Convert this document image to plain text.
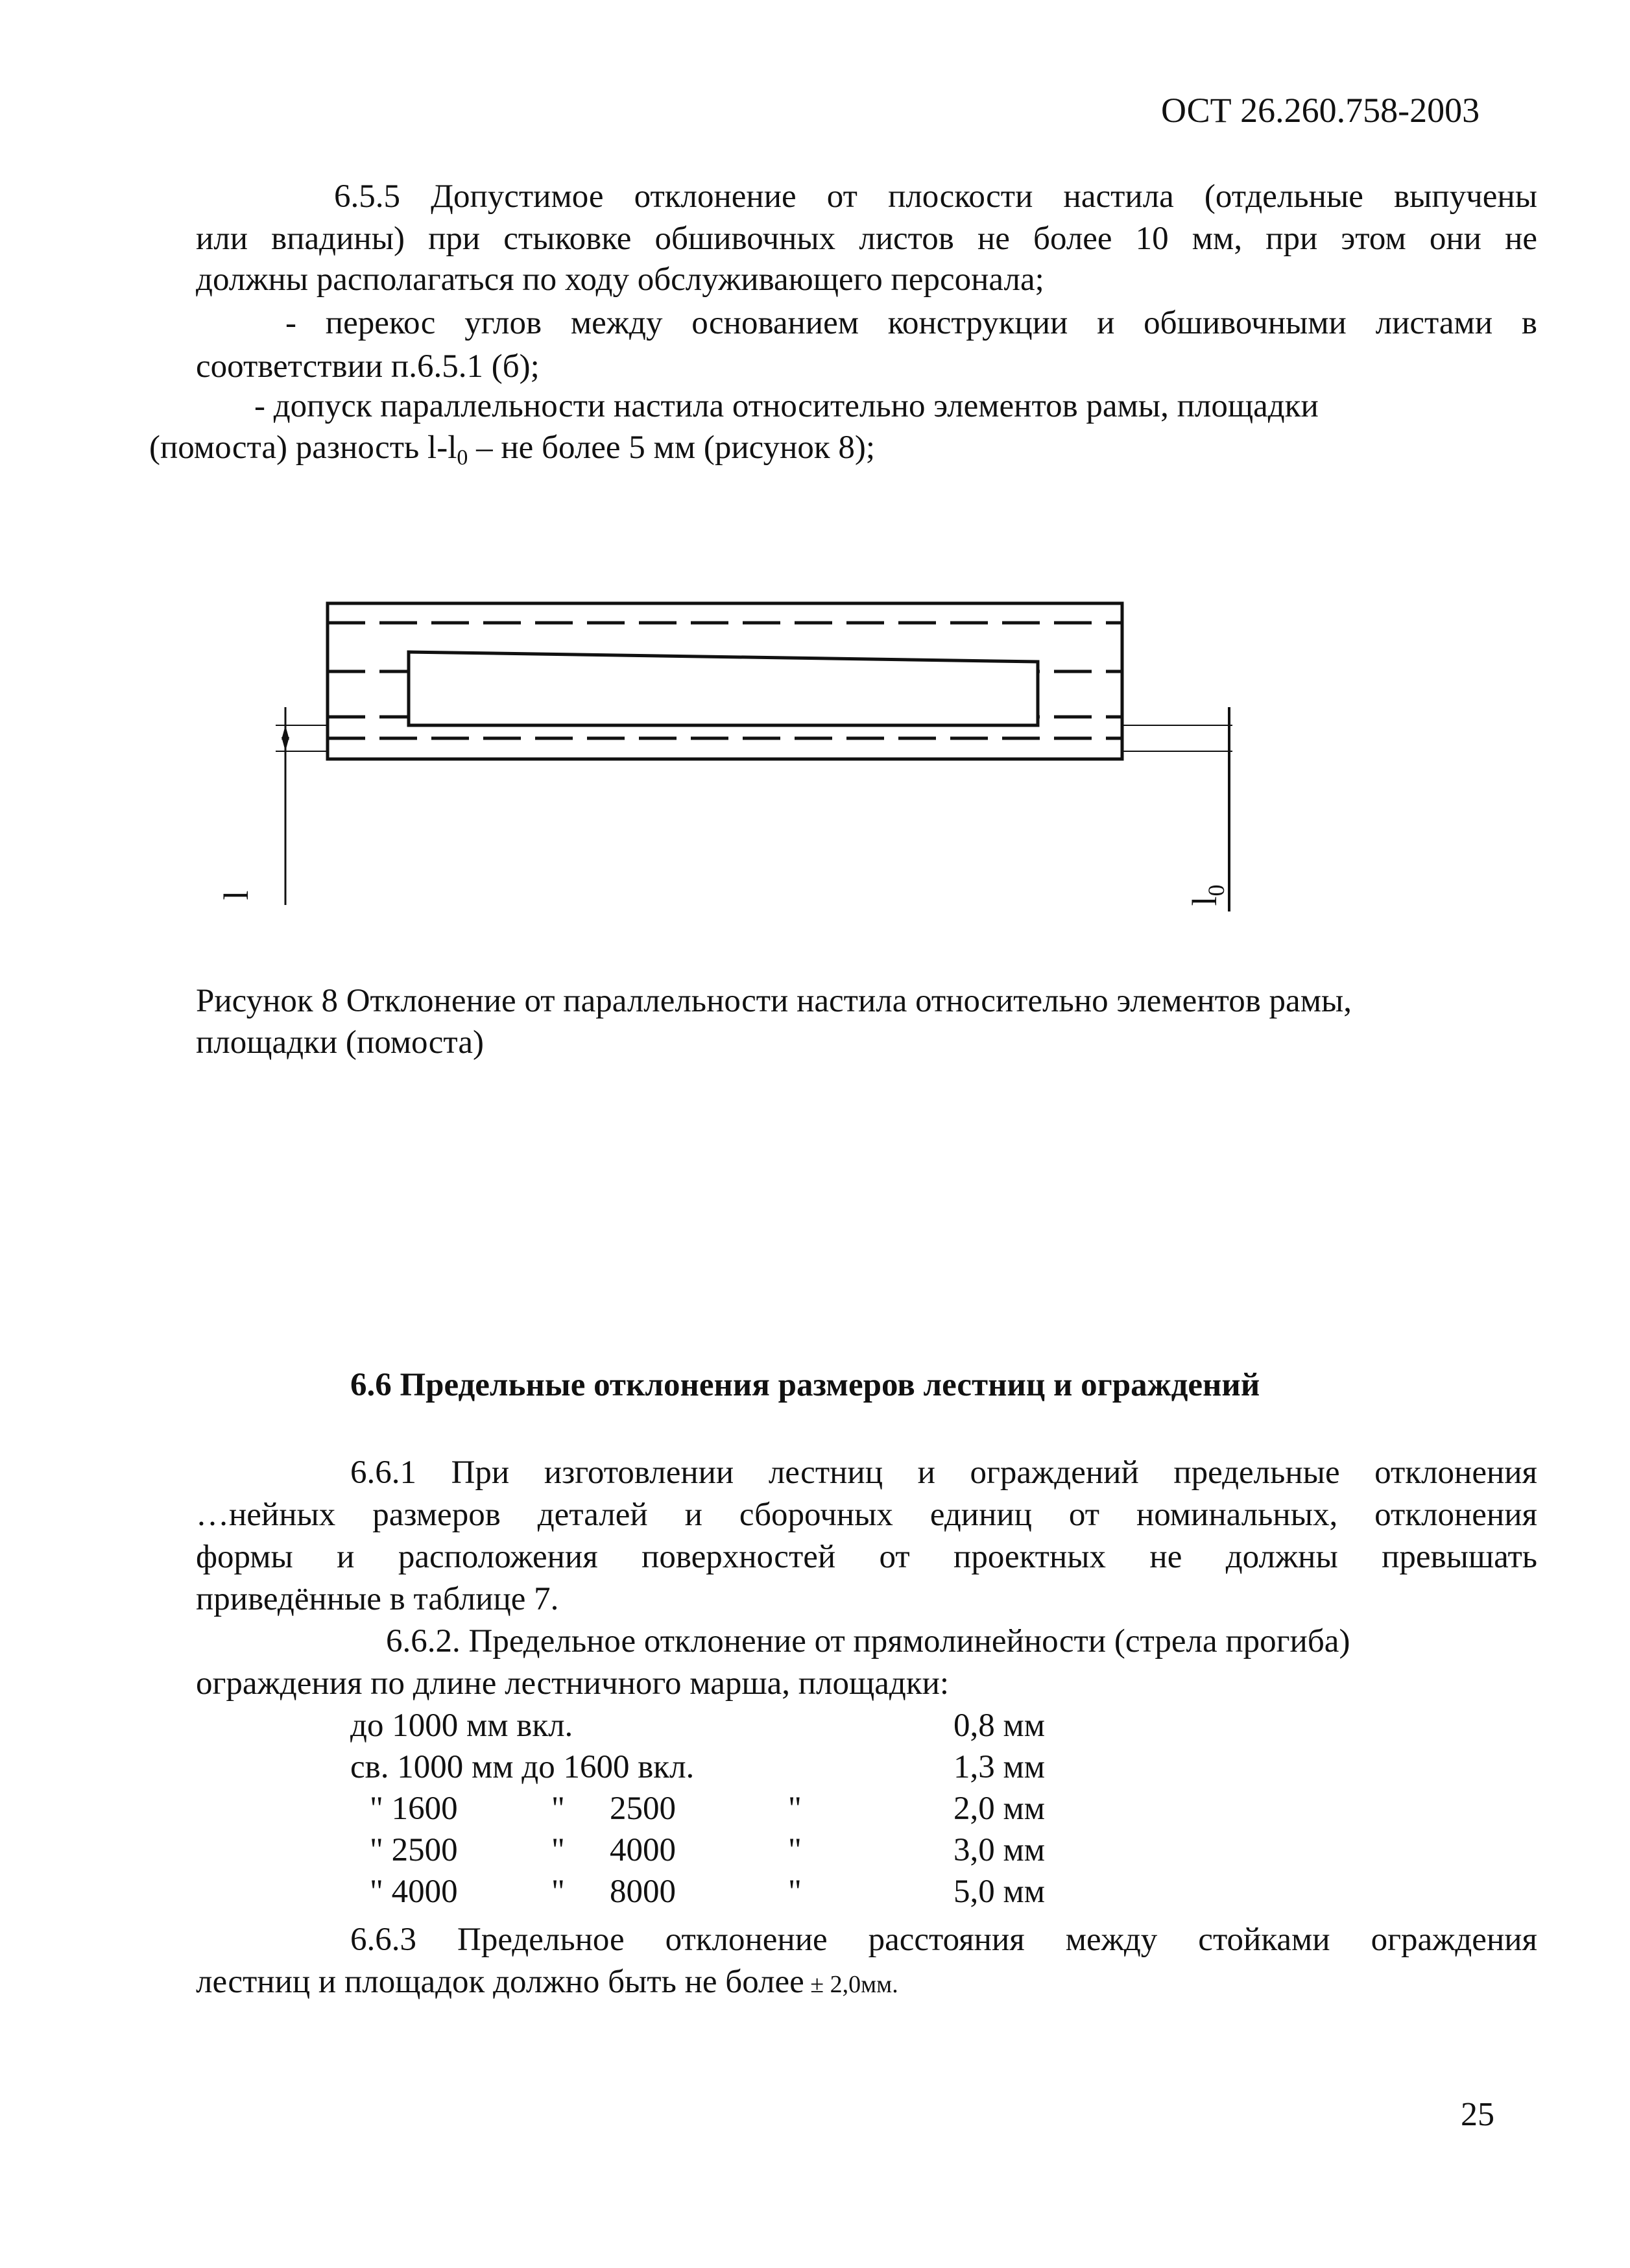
ОСТ 26.260.758-2003
6.5.5 Допустимое отклонение от плоскости настила (отдельные выпучены
или впадины) при стыковке обшивочных листов не более 10 мм, при этом они не
должны располагаться по ходу обслуживающего персонала;
- перекос углов между основанием конструкции и обшивочными листами в
соответствии п.6.5.1 (б);
- допуск параллельности настила относительно элементов рамы, площадки
(помоста) разность $l-l_0$ – не более 5 мм (рисунок 8);
l
$l_0$
Рисунок 8 Отклонение от параллельности настила относительно элементов рамы,
площадки (помоста)
6.6 Предельные отклонения размеров лестниц и ограждений
6.6.1 При изготовлении лестниц и ограждений предельные отклонения
…нейных размеров деталей и сборочных единиц от номинальных, отклонения
формы и расположения поверхностей от проектных не должны превышать
приведённые в таблице 7.
6.6.2. Предельное отклонение от прямолинейности (стрела прогиба)
ограждения по длине лестничного марша, площадки:
до 1000 мм вкл.	0,8 мм
св. 1000 мм до 1600 вкл.	1,3 мм
" 1600	" 2500	"	2,0 мм
" 2500	" 4000	"	3,0 мм
" 4000	" 8000	"	5,0 мм
6.6.3 Предельное отклонение расстояния между стойками ограждения
лестниц и площадок должно быть не более ± 2,0мм.
25
